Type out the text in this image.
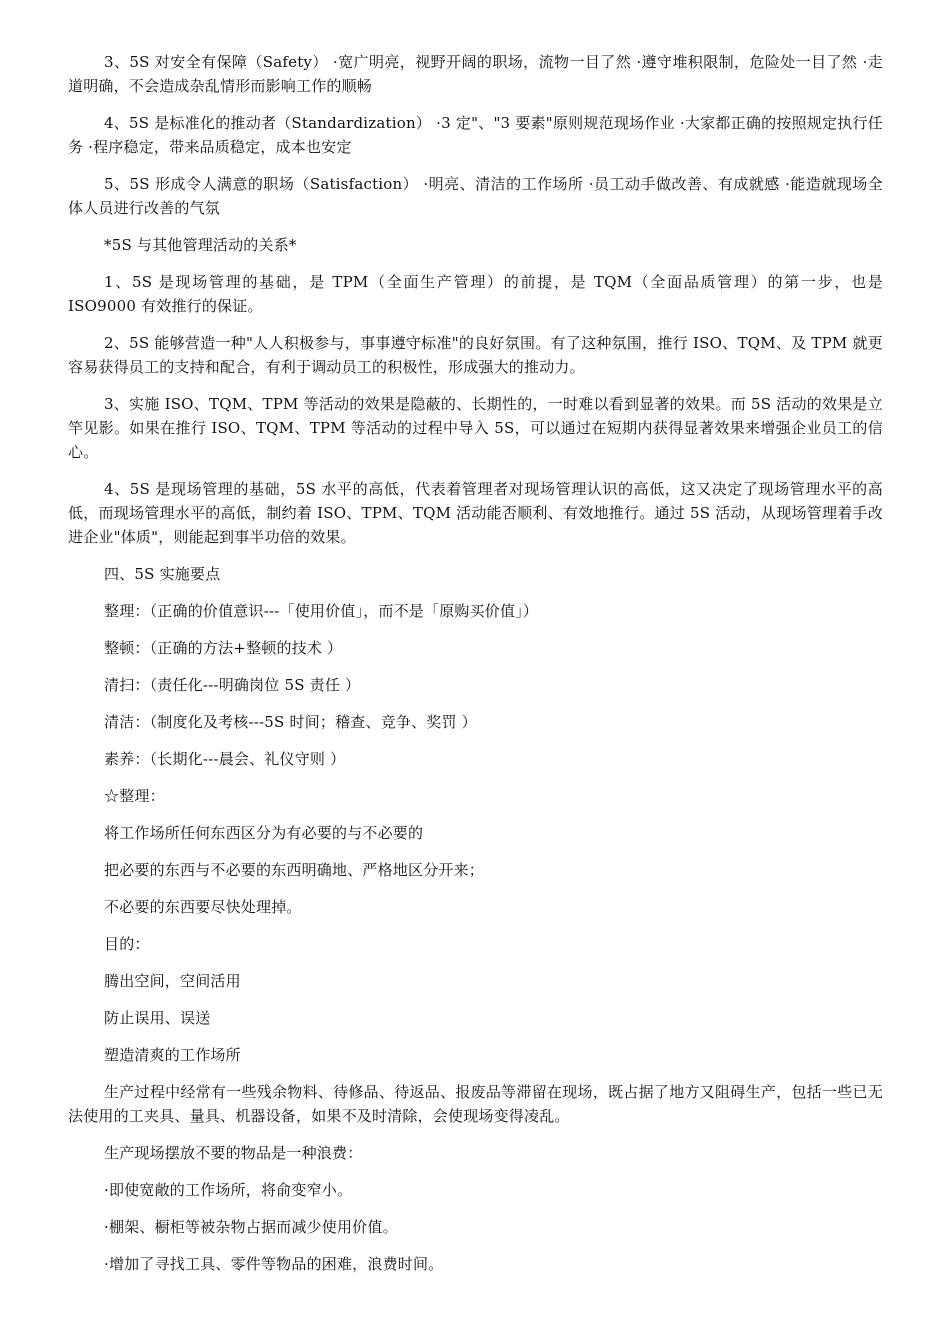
3、5S 对安全有保障（Safety） ·宽广明亮，视野开阔的职场，流物一目了然 ·遵守堆积限制，危险处一目了然 ·走道明确，不会造成杂乱情形而影响工作的顺畅

4、5S 是标准化的推动者（Standardization） ·3 定"、"3 要素"原则规范现场作业 ·大家都正确的按照规定执行任务 ·程序稳定，带来品质稳定，成本也安定

5、5S 形成令人满意的职场（Satisfaction） ·明亮、清洁的工作场所 ·员工动手做改善、有成就感 ·能造就现场全体人员进行改善的气氛

*5S 与其他管理活动的关系*

1、5S 是现场管理的基础，是 TPM（全面生产管理）的前提，是 TQM（全面品质管理）的第一步，也是 ISO9000 有效推行的保证。

2、5S 能够营造一种"人人积极参与，事事遵守标准"的良好氛围。有了这种氛围，推行 ISO、TQM、及 TPM 就更容易获得员工的支持和配合，有利于调动员工的积极性，形成强大的推动力。

3、实施 ISO、TQM、TPM 等活动的效果是隐蔽的、长期性的，一时难以看到显著的效果。而 5S 活动的效果是立竿见影。如果在推行 ISO、TQM、TPM 等活动的过程中导入 5S，可以通过在短期内获得显著效果来增强企业员工的信心。

4、5S 是现场管理的基础，5S 水平的高低，代表着管理者对现场管理认识的高低，这又决定了现场管理水平的高低，而现场管理水平的高低，制约着 ISO、TPM、TQM 活动能否顺利、有效地推行。通过 5S 活动，从现场管理着手改进企业"体质"，则能起到事半功倍的效果。

四、5S 实施要点

整理：（正确的价值意识---「使用价值」，而不是「原购买价值」）

整顿：（正确的方法+整顿的技术 ）

清扫：（责任化---明确岗位 5S 责任 ）

清洁：（制度化及考核---5S 时间；稽查、竞争、奖罚 ）

素养：（长期化---晨会、礼仪守则 ）

☆整理：

将工作场所任何东西区分为有必要的与不必要的

把必要的东西与不必要的东西明确地、严格地区分开来；

不必要的东西要尽快处理掉。

目的：

腾出空间，空间活用

防止误用、误送

塑造清爽的工作场所

生产过程中经常有一些残余物料、待修品、待返品、报废品等滞留在现场，既占据了地方又阻碍生产，包括一些已无法使用的工夹具、量具、机器设备，如果不及时清除，会使现场变得凌乱。

生产现场摆放不要的物品是一种浪费：

·即使宽敞的工作场所，将俞变窄小。

·棚架、橱柜等被杂物占据而减少使用价值。

·增加了寻找工具、零件等物品的困难，浪费时间。
